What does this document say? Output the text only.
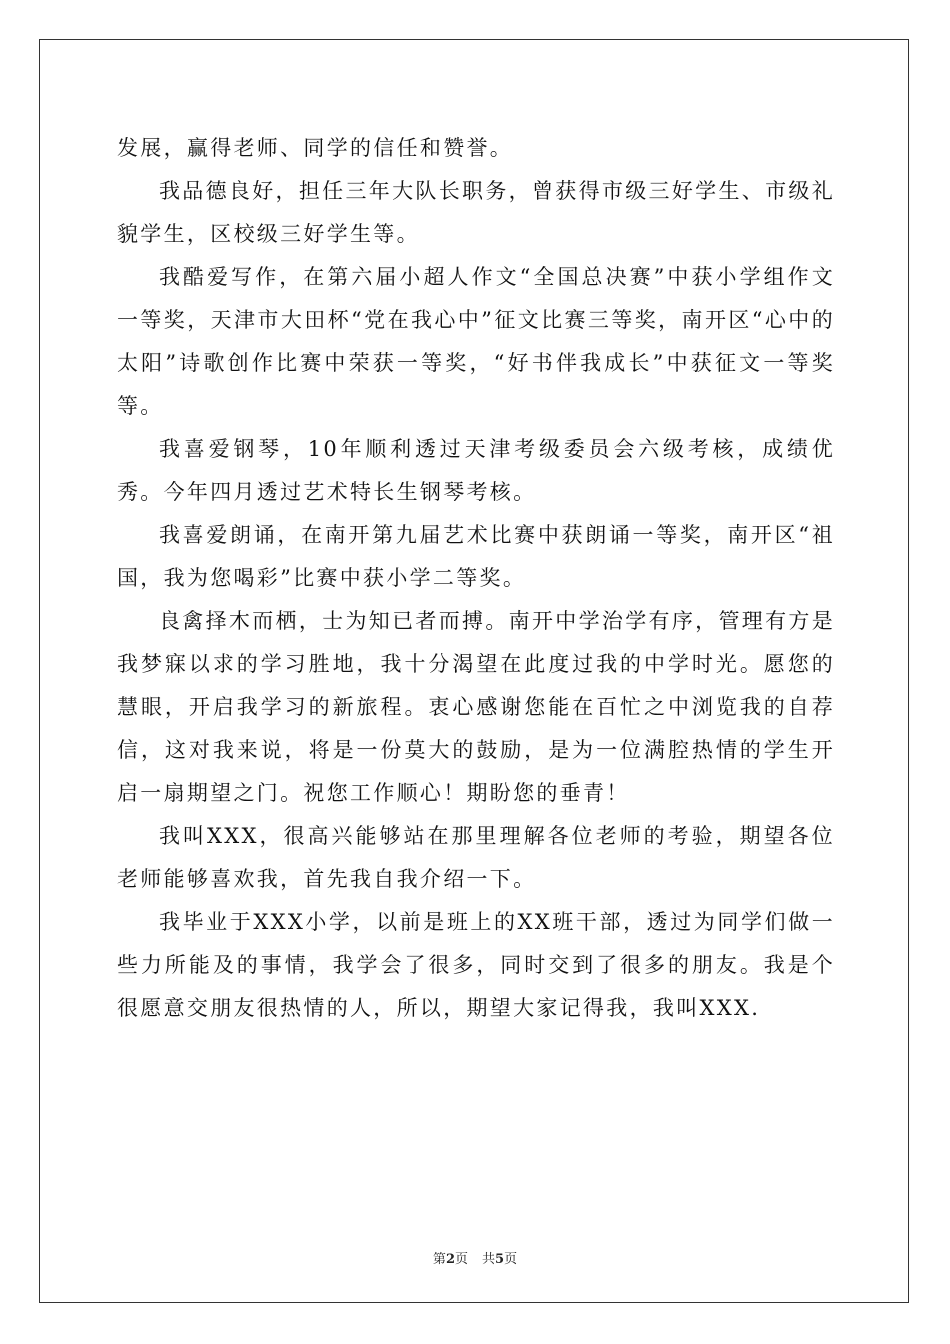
发展，赢得老师、同学的信任和赞誉。

我品德良好，担任三年大队长职务，曾获得市级三好学生、市级礼貌学生，区校级三好学生等。

我酷爱写作，在第六届小超人作文“全国总决赛”中获小学组作文一等奖，天津市大田杯“党在我心中”征文比赛三等奖，南开区“心中的太阳”诗歌创作比赛中荣获一等奖，“好书伴我成长”中获征文一等奖等。

我喜爱钢琴，10年顺利透过天津考级委员会六级考核，成绩优秀。今年四月透过艺术特长生钢琴考核。

我喜爱朗诵，在南开第九届艺术比赛中获朗诵一等奖，南开区“祖国，我为您喝彩”比赛中获小学二等奖。

良禽择木而栖，士为知已者而搏。南开中学治学有序，管理有方是我梦寐以求的学习胜地，我十分渴望在此度过我的中学时光。愿您的慧眼，开启我学习的新旅程。衷心感谢您能在百忙之中浏览我的自荐信，这对我来说，将是一份莫大的鼓励，是为一位满腔热情的学生开启一扇期望之门。祝您工作顺心！期盼您的垂青！

我叫XXX，很高兴能够站在那里理解各位老师的考验，期望各位老师能够喜欢我，首先我自我介绍一下。

我毕业于XXX小学，以前是班上的XX班干部，透过为同学们做一些力所能及的事情，我学会了很多，同时交到了很多的朋友。我是个很愿意交朋友很热情的人，所以，期望大家记得我，我叫XXX.

第2页 共5页
